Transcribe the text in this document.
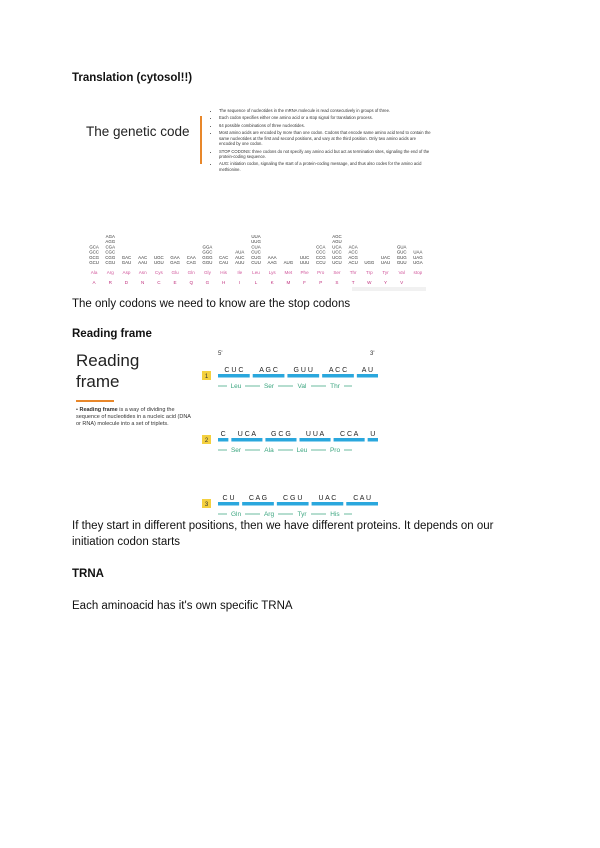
Translation (cytosol!!)
The genetic code
• The sequence of nucleotides in the mRNA molecule is read consecutively in groups of three.
• Each codon specifies either one amino acid or a stop signal for translation process.
• 64 possible combinations of three nucleotides.
• Most amino acids are encoded by more than one codon. Codons that encode same amino acid tend to contain the same nucleotides at the first and second positions, and vary at the third position. Only two amino acids are encoded by one codon.
• STOP CODONS: three codons do not specify any amino acid but act as termination sites, signaling the end of the protein-coding sequence.
• AUG: initiation codon, signaling the start of a protein-coding message, and thus also codes for the amino acid methionine.
GCA
GCC
GCG
GCU
Ala
A
AGA
AGG
CGA
CGC
CGG
CGU
Arg
R
GAC
GAU
Asp
D
AAC
AAU
Asn
N
UGC
UGU
Cys
C
GAA
GAG
Glu
E
CAA
CAG
Gln
Q
GGA
GGC
GGG
GGU
Gly
G
CAC
CAU
His
H
AUA
AUC
AUU
Ile
I
UUA
UUG
CUA
CUC
CUG
CUU
Leu
L
AAA
AAG
Lys
K
AUG
Met
M
UUC
UUU
Phe
F
CCA
CCC
CCG
CCU
Pro
P
AGC
AGU
UCA
UCC
UCG
UCU
Ser
S
ACA
ACC
ACG
ACU
Thr
T
UGG
Trp
W
UAC
UAU
Tyr
Y
GUA
GUC
GUG
GUU
Val
V
UAA
UAG
UGA
stop
The only codons we need to know are the stop codons
Reading frame
Reading frame
• Reading frame is a way of dividing the sequence of nucleotides in a nucleic acid (DNA or RNA) molecule into a set of triplets.
5'	3'
1
C U C A G C G U U A C C A U
Leu	Ser	Val	Thr
2
C U C A G C G U U A C C A U
Ser	Ala	Leu	Pro
3
C U C A G C G U U A C C A U
Gln	Arg	Tyr	His
If they start in different positions, then we have different proteins. It depends on our initiation codon starts
TRNA
Each aminoacid has it's own specific TRNA
